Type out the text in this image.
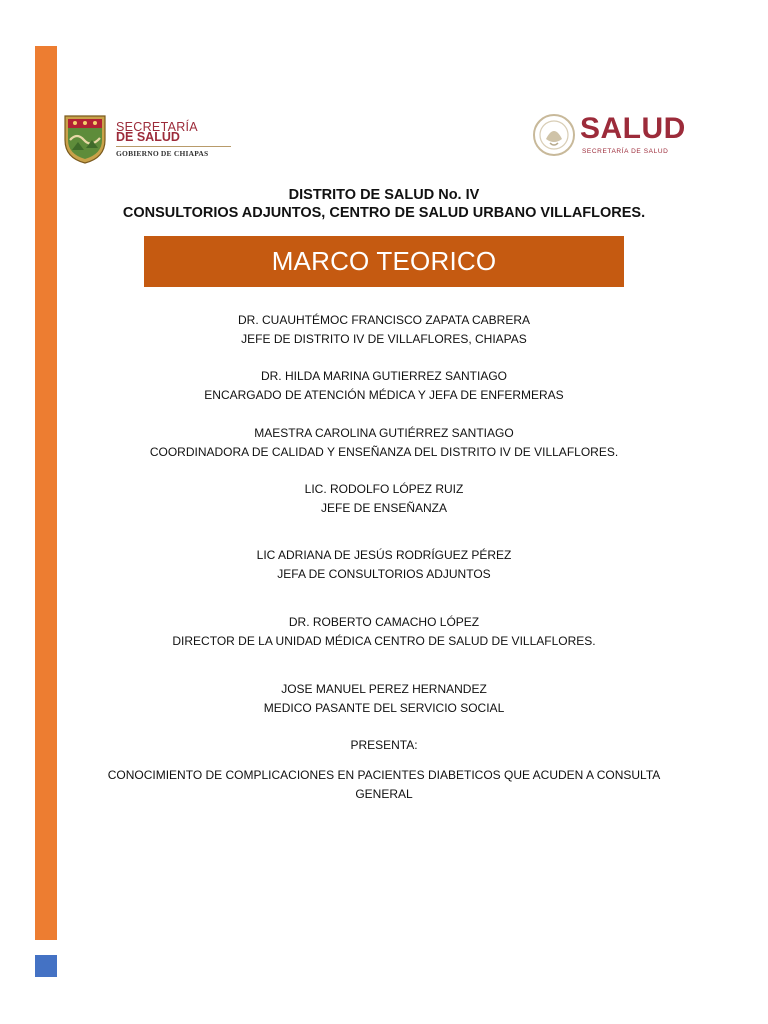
SECRETARÍA
DE SALUD
GOBIERNO DE CHIAPAS
SALUD
SECRETARÍA DE SALUD
DISTRITO DE SALUD No. IV
CONSULTORIOS ADJUNTOS, CENTRO DE SALUD URBANO VILLAFLORES.
MARCO TEORICO
DR. CUAUHTÉMOC FRANCISCO ZAPATA CABRERA
JEFE DE DISTRITO IV DE VILLAFLORES, CHIAPAS
DR. HILDA MARINA GUTIERREZ SANTIAGO
ENCARGADO DE ATENCIÓN MÉDICA Y JEFA DE ENFERMERAS
MAESTRA CAROLINA GUTIÉRREZ SANTIAGO
COORDINADORA DE CALIDAD Y ENSEÑANZA DEL DISTRITO IV DE VILLAFLORES.
LIC. RODOLFO LÓPEZ RUIZ
JEFE DE ENSEÑANZA
LIC ADRIANA DE JESÚS RODRÍGUEZ PÉREZ
JEFA DE CONSULTORIOS ADJUNTOS
DR. ROBERTO CAMACHO LÓPEZ
DIRECTOR DE LA UNIDAD MÉDICA CENTRO DE SALUD DE VILLAFLORES.
JOSE MANUEL PEREZ HERNANDEZ
MEDICO PASANTE DEL SERVICIO SOCIAL
PRESENTA:
CONOCIMIENTO DE COMPLICACIONES EN PACIENTES DIABETICOS QUE ACUDEN A CONSULTA
GENERAL
